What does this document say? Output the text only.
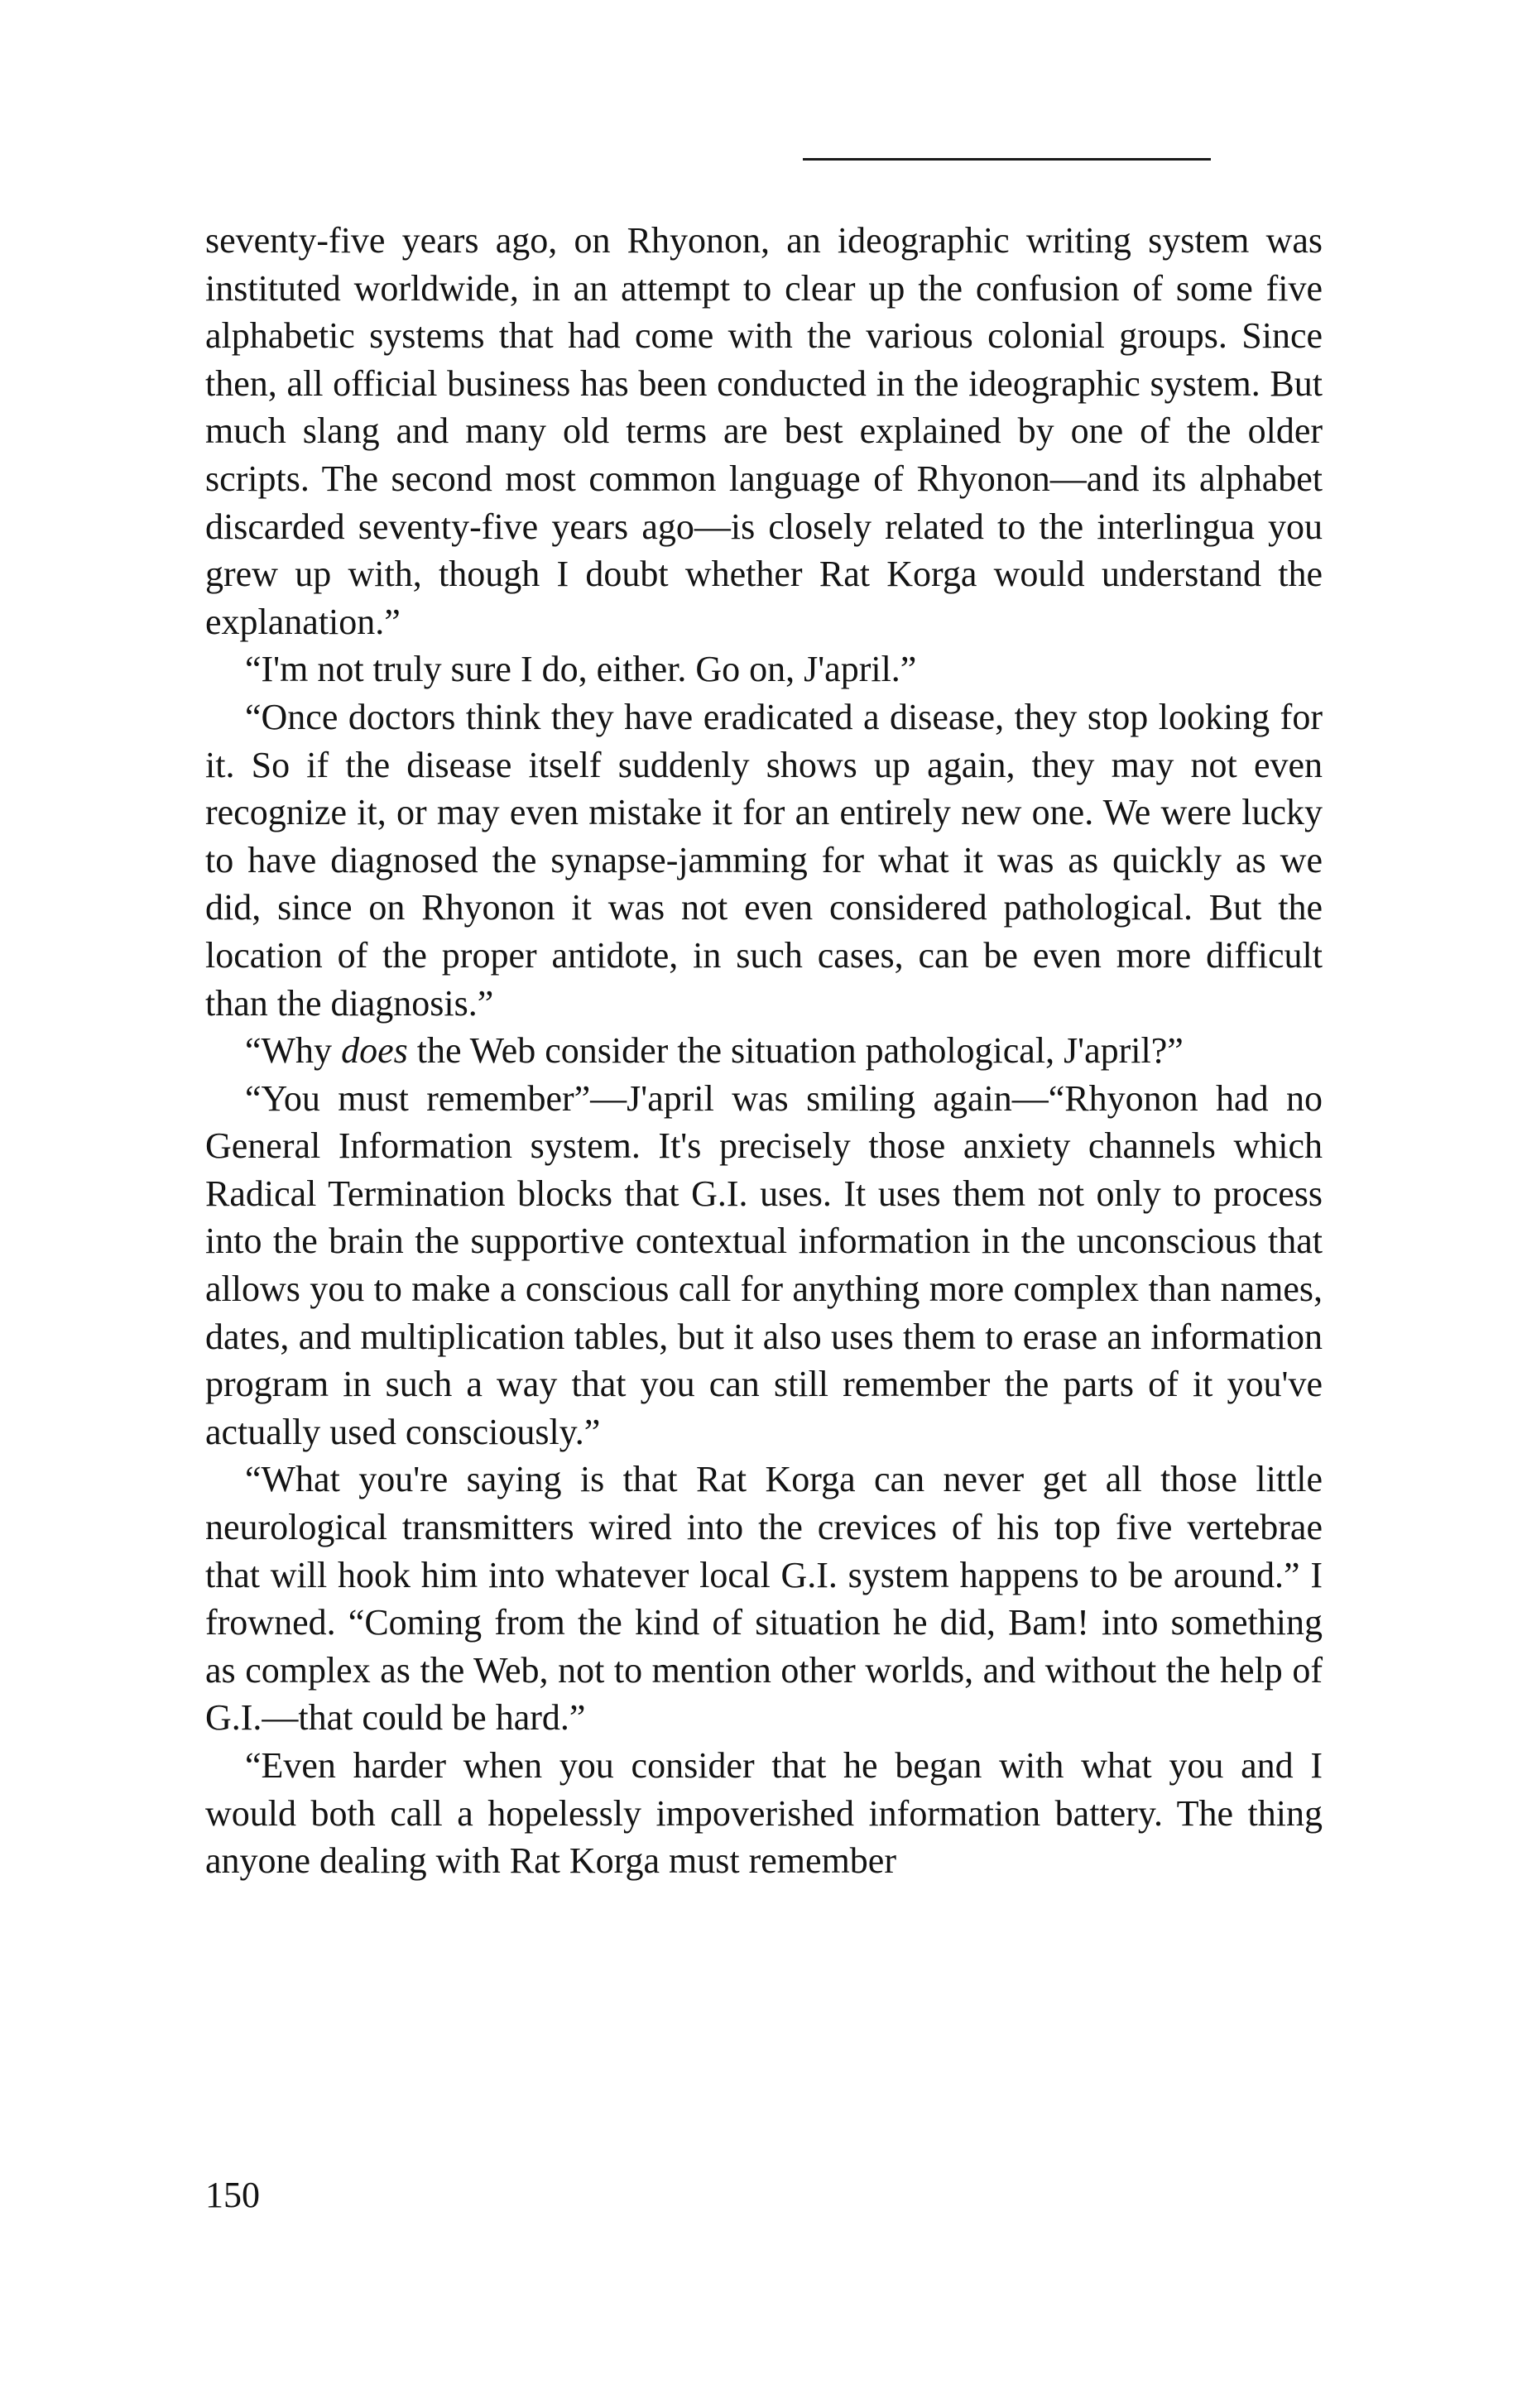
seventy-five years ago, on Rhyonon, an ideographic writing system was instituted worldwide, in an attempt to clear up the confusion of some five alphabetic systems that had come with the various colonial groups. Since then, all official business has been conducted in the ideographic system. But much slang and many old terms are best explained by one of the older scripts. The second most common language of Rhyonon—and its alphabet discarded seventy-five years ago—is closely related to the interlingua you grew up with, though I doubt whether Rat Korga would understand the explanation.”

“I'm not truly sure I do, either. Go on, J'april.”

“Once doctors think they have eradicated a disease, they stop looking for it. So if the disease itself suddenly shows up again, they may not even recognize it, or may even mistake it for an entirely new one. We were lucky to have diagnosed the synapse-jamming for what it was as quickly as we did, since on Rhyonon it was not even considered pathological. But the location of the proper antidote, in such cases, can be even more difficult than the diagnosis.”

“Why does the Web consider the situation pathological, J'april?”

“You must remember”—J'april was smiling again—“Rhyonon had no General Information system. It's precisely those anxiety channels which Radical Termination blocks that G.I. uses. It uses them not only to process into the brain the supportive contextual information in the unconscious that allows you to make a conscious call for anything more complex than names, dates, and multiplication tables, but it also uses them to erase an information program in such a way that you can still remember the parts of it you've actually used consciously.”

“What you're saying is that Rat Korga can never get all those little neurological transmitters wired into the crevices of his top five vertebrae that will hook him into whatever local G.I. system happens to be around.” I frowned. “Coming from the kind of situation he did, Bam! into something as complex as the Web, not to mention other worlds, and without the help of G.I.—that could be hard.”

“Even harder when you consider that he began with what you and I would both call a hopelessly impoverished information battery. The thing anyone dealing with Rat Korga must remember

150
